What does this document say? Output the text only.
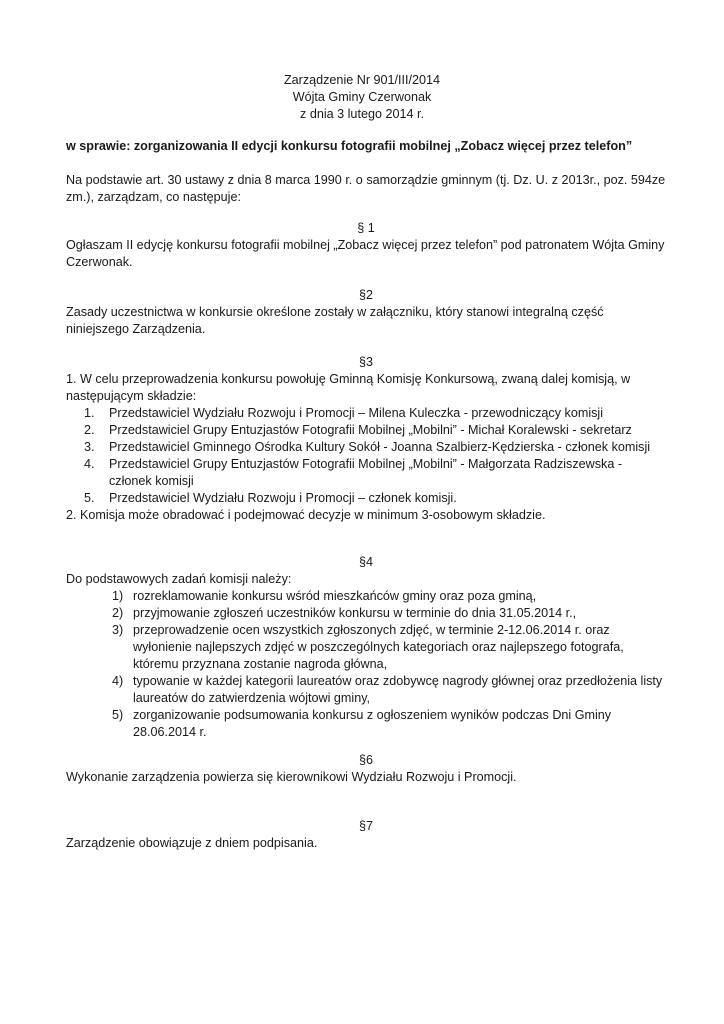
Zarządzenie Nr 901/III/2014
Wójta Gminy Czerwonak
z dnia 3 lutego 2014 r.
w sprawie: zorganizowania II edycji konkursu fotografii mobilnej „Zobacz więcej przez telefon”
Na podstawie art. 30 ustawy z dnia 8 marca 1990 r. o samorządzie gminnym (tj. Dz. U. z 2013r., poz. 594ze zm.), zarządzam, co następuje:
§ 1
Ogłaszam II edycję konkursu fotografii mobilnej „Zobacz więcej przez telefon” pod patronatem Wójta Gminy Czerwonak.
§2
Zasady uczestnictwa w konkursie określone zostały w załączniku, który stanowi integralną część niniejszego Zarządzenia.
§3
1. W celu przeprowadzenia konkursu powołuję Gminną Komisję Konkursową, zwaną dalej komisją, w następującym składzie:
1. Przedstawiciel Wydziału Rozwoju i Promocji – Milena Kuleczka - przewodniczący komisji
2. Przedstawiciel Grupy Entuzjastów Fotografii Mobilnej „Mobilni” - Michał Koralewski - sekretarz
3. Przedstawiciel Gminnego Ośrodka Kultury Sokół - Joanna Szalbierz-Kędzierska - członek komisji
4. Przedstawiciel Grupy Entuzjastów Fotografii Mobilnej „Mobilni” - Małgorzata Radziszewska - członek komisji
5. Przedstawiciel Wydziału Rozwoju i Promocji – członek komisji.
2. Komisja może obradować i podejmować decyzje w minimum 3-osobowym składzie.
§4
Do podstawowych zadań komisji należy:
1) rozreklamowanie konkursu wśród mieszkańców gminy oraz poza gminą,
2) przyjmowanie zgłoszeń uczestników konkursu w terminie do dnia 31.05.2014 r.,
3) przeprowadzenie ocen wszystkich zgłoszonych zdjęć, w terminie 2-12.06.2014 r. oraz wyłonienie najlepszych zdjęć w poszczególnych kategoriach oraz najlepszego fotografa, któremu przyznana zostanie nagroda główna,
4) typowanie w każdej kategorii laureatów oraz zdobywcę nagrody głównej oraz przedłożenia listy laureatów do zatwierdzenia wójtowi gminy,
5) zorganizowanie podsumowania konkursu z ogłoszeniem wyników podczas Dni Gminy 28.06.2014 r.
§6
Wykonanie zarządzenia powierza się kierownikowi Wydziału Rozwoju i Promocji.
§7
Zarządzenie obowiązuje z dniem podpisania.
